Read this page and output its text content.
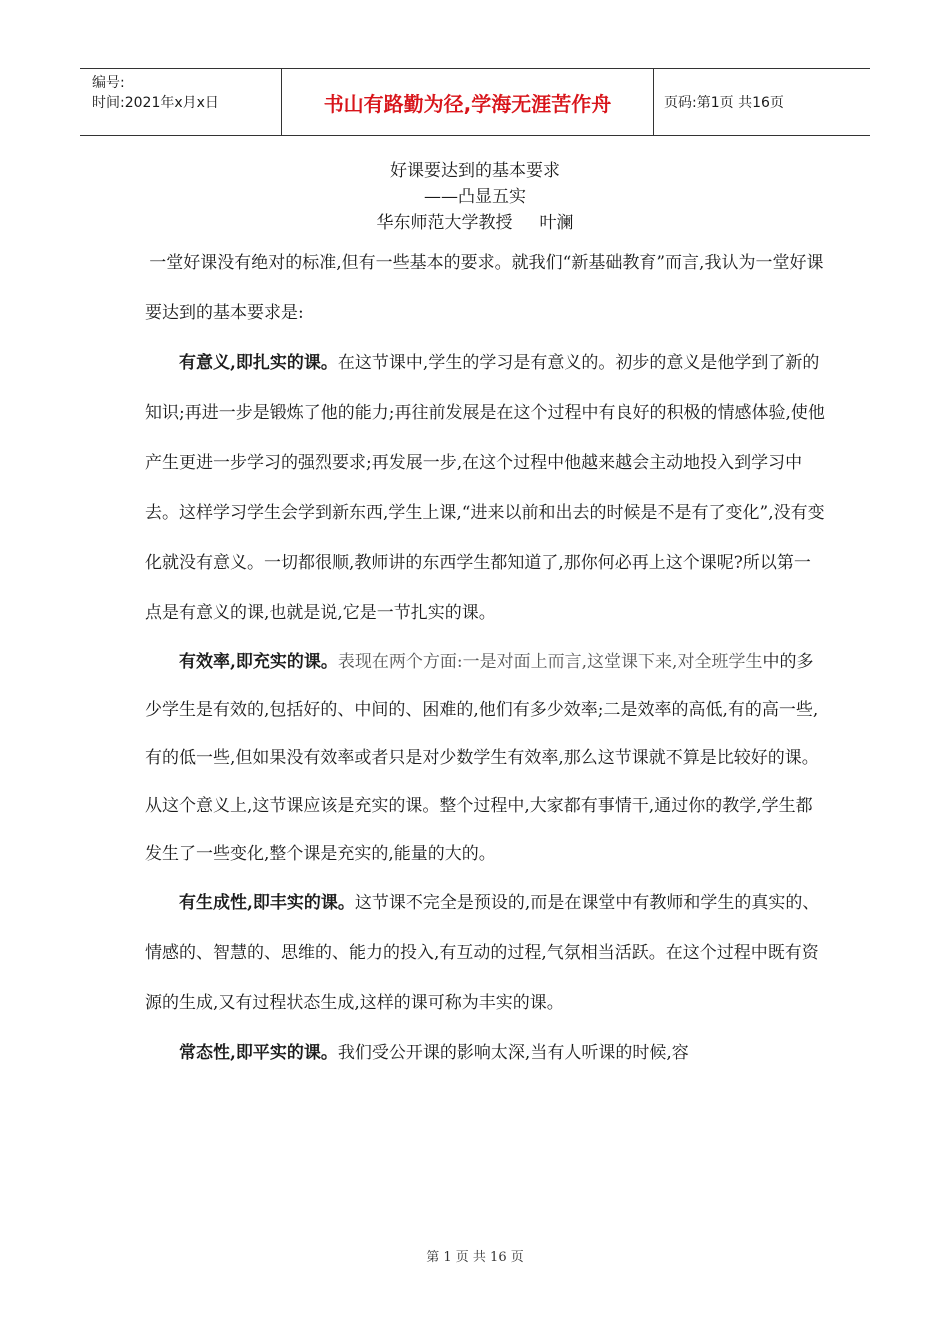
编号:
时间:2021年x月x日	书山有路勤为径,学海无涯苦作舟	页码:第1页 共16页
好课要达到的基本要求
——凸显五实
华东师范大学教授     叶澜

一堂好课没有绝对的标准,但有一些基本的要求。就我们“新基础教育”而言,我认为一堂好课要达到的基本要求是:

有意义,即扎实的课。在这节课中,学生的学习是有意义的。初步的意义是他学到了新的知识;再进一步是锻炼了他的能力;再往前发展是在这个过程中有良好的积极的情感体验,使他产生更进一步学习的强烈要求;再发展一步,在这个过程中他越来越会主动地投入到学习中去。这样学习学生会学到新东西,学生上课,“进来以前和出去的时候是不是有了变化”,没有变化就没有意义。一切都很顺,教师讲的东西学生都知道了,那你何必再上这个课呢?所以第一点是有意义的课,也就是说,它是一节扎实的课。

有效率,即充实的课。表现在两个方面:一是对面上而言,这堂课下来,对全班学生中的多少学生是有效的,包括好的、中间的、困难的,他们有多少效率;二是效率的高低,有的高一些,有的低一些,但如果没有效率或者只是对少数学生有效率,那么这节课就不算是比较好的课。从这个意义上,这节课应该是充实的课。整个过程中,大家都有事情干,通过你的教学,学生都发生了一些变化,整个课是充实的,能量的大的。

有生成性,即丰实的课。这节课不完全是预设的,而是在课堂中有教师和学生的真实的、情感的、智慧的、思维的、能力的投入,有互动的过程,气氛相当活跃。在这个过程中既有资源的生成,又有过程状态生成,这样的课可称为丰实的课。

常态性,即平实的课。我们受公开课的影响太深,当有人听课的时候,容

第 1 页 共 16 页
